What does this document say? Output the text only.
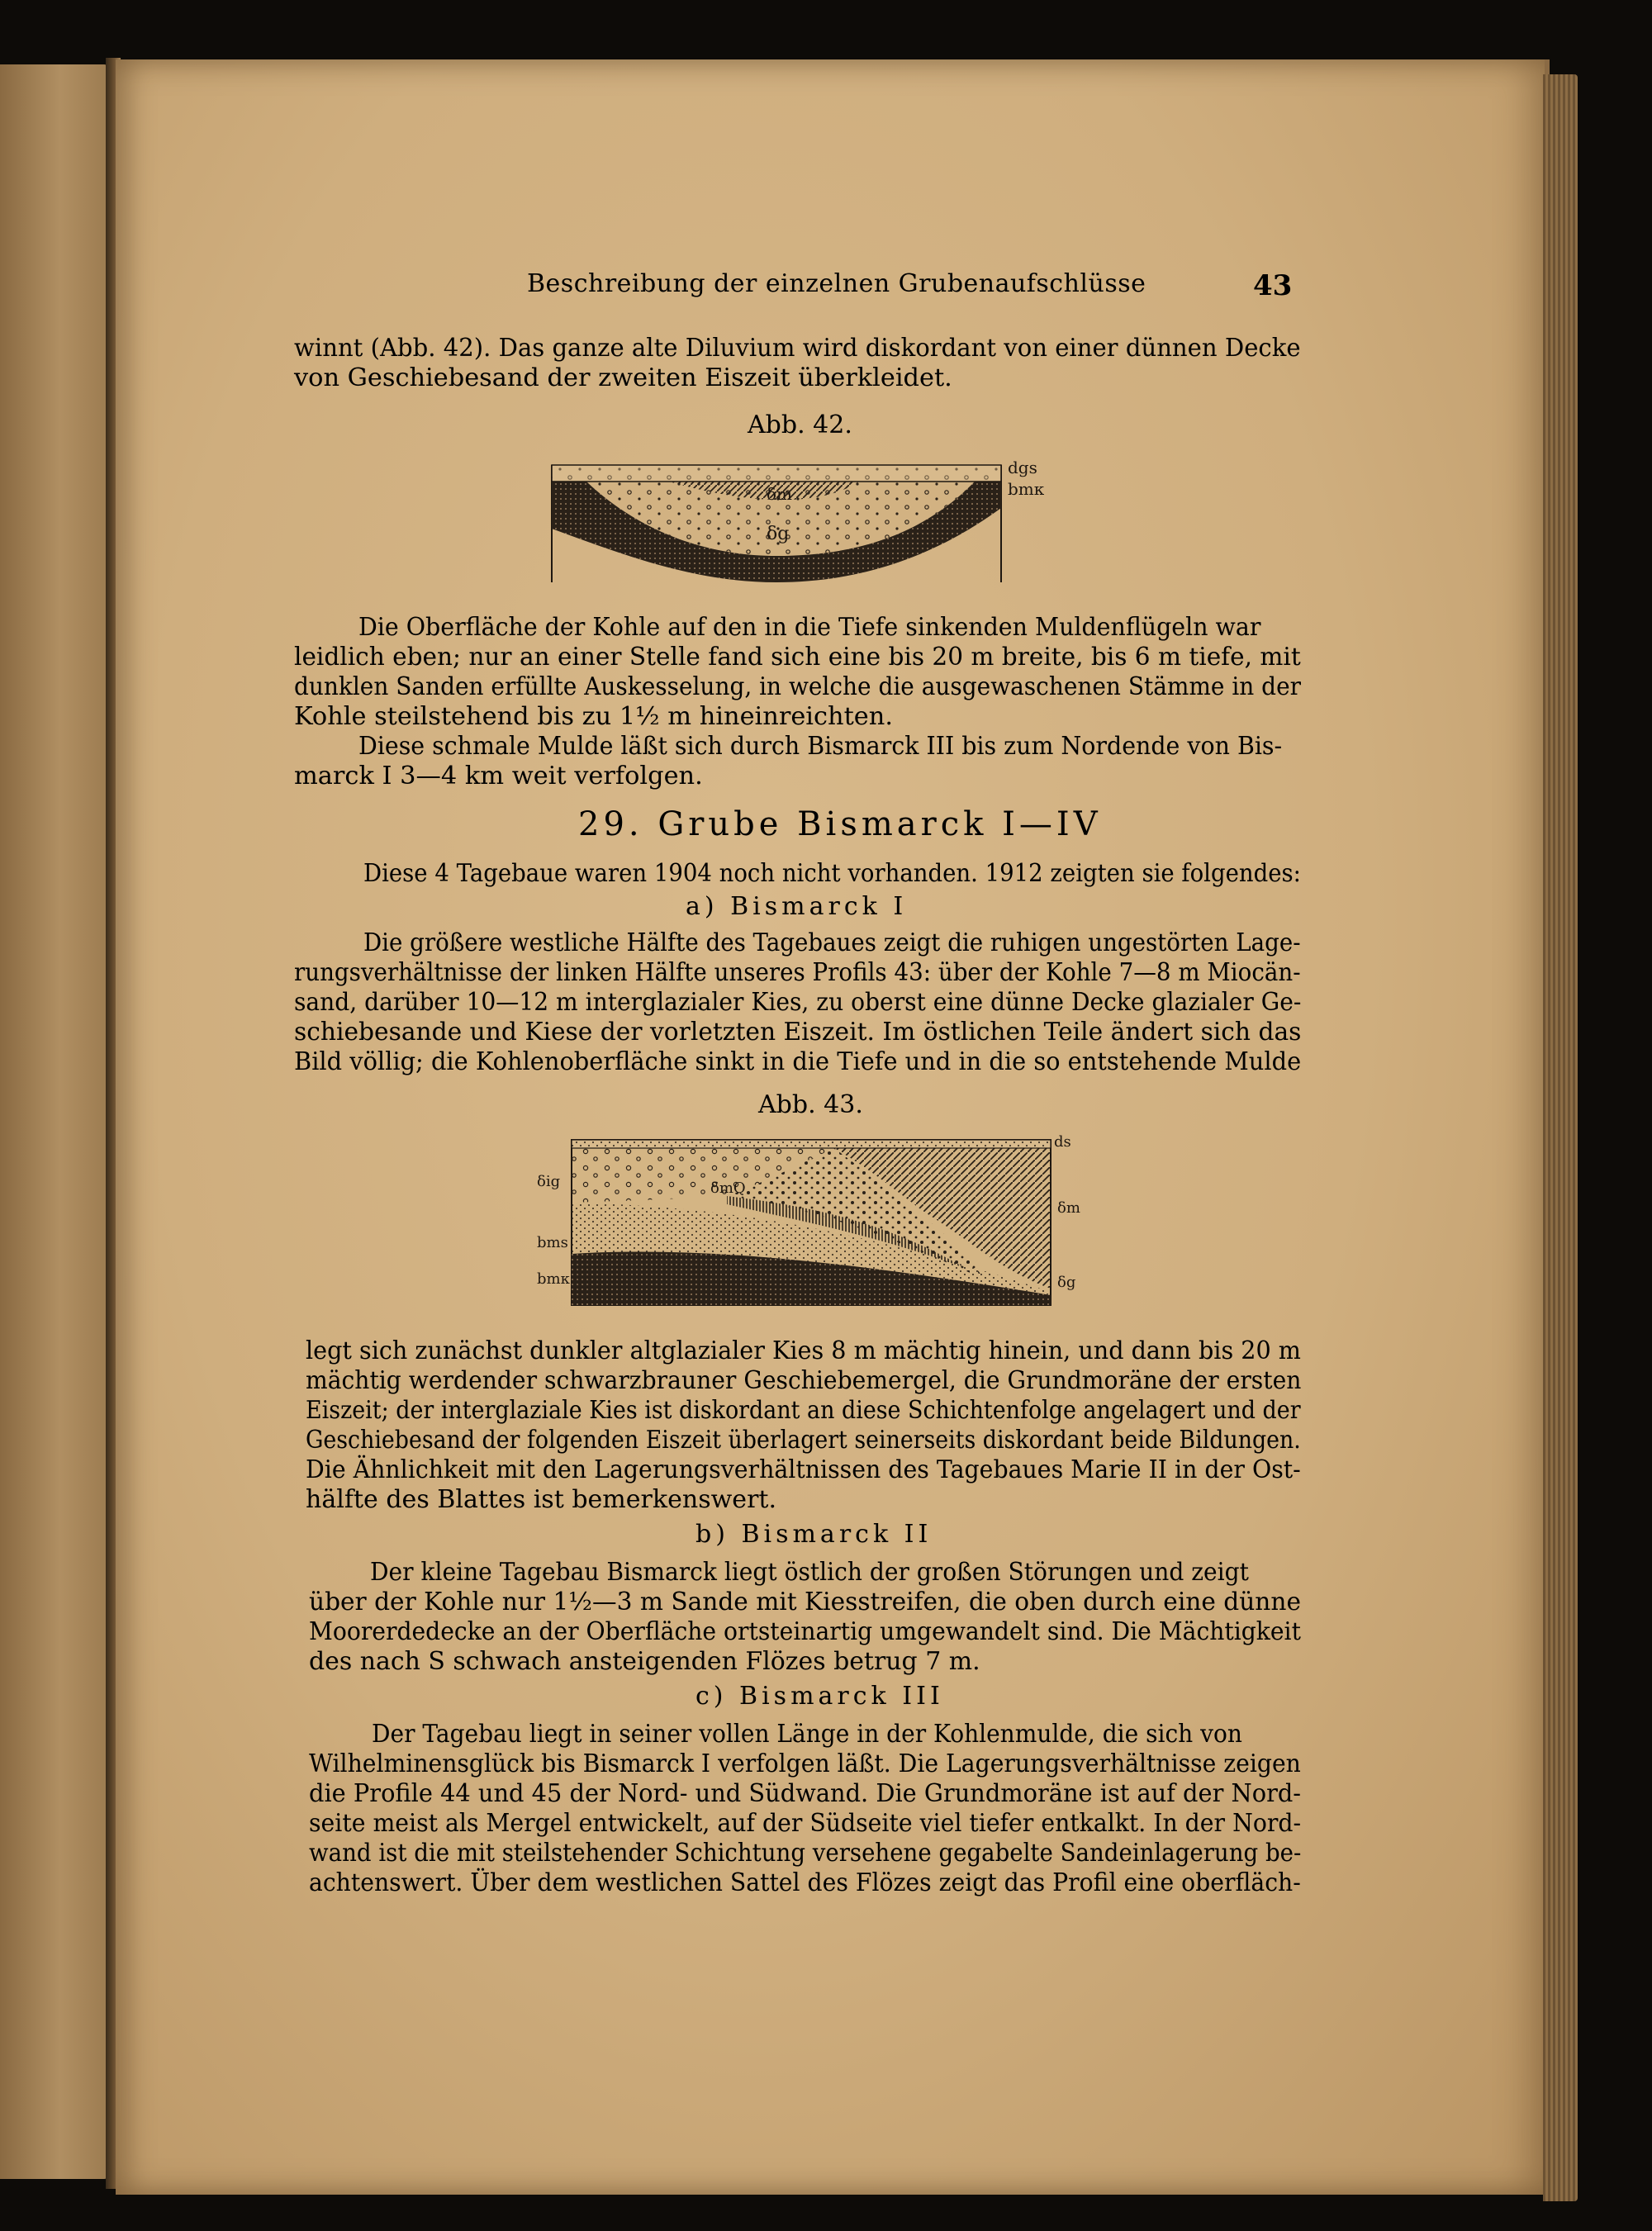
Beschreibung der einzelnen Grubenaufschlüsse	43
winnt (Abb. 42). Das ganze alte Diluvium wird diskordant von einer dünnen Decke
von Geschiebesand der zweiten Eiszeit überkleidet.
Abb. 42.
dgs
bmκ
δm
δg
Die Oberfläche der Kohle auf den in die Tiefe sinkenden Muldenflügeln war
leidlich eben; nur an einer Stelle fand sich eine bis 20 m breite, bis 6 m tiefe, mit
dunklen Sanden erfüllte Auskesselung, in welche die ausgewaschenen Stämme in der
Kohle steilstehend bis zu 1½ m hineinreichten.
Diese schmale Mulde läßt sich durch Bismarck III bis zum Nordende von Bis-
marck I 3—4 km weit verfolgen.
29. Grube Bismarck I—IV
Diese 4 Tagebaue waren 1904 noch nicht vorhanden. 1912 zeigten sie folgendes:
a) Bismarck I
Die größere westliche Hälfte des Tagebaues zeigt die ruhigen ungestörten Lage-
rungsverhältnisse der linken Hälfte unseres Profils 43: über der Kohle 7—8 m Miocän-
sand, darüber 10—12 m interglazialer Kies, zu oberst eine dünne Decke glazialer Ge-
schiebesande und Kiese der vorletzten Eiszeit. Im östlichen Teile ändert sich das
Bild völlig; die Kohlenoberfläche sinkt in die Tiefe und in die so entstehende Mulde
Abb. 43.
ds
δig	δmQ
δm
bms
bmκ	δg
legt sich zunächst dunkler altglazialer Kies 8 m mächtig hinein, und dann bis 20 m
mächtig werdender schwarzbrauner Geschiebemergel, die Grundmoräne der ersten
Eiszeit; der interglaziale Kies ist diskordant an diese Schichtenfolge angelagert und der
Geschiebesand der folgenden Eiszeit überlagert seinerseits diskordant beide Bildungen.
Die Ähnlichkeit mit den Lagerungsverhältnissen des Tagebaues Marie II in der Ost-
hälfte des Blattes ist bemerkenswert.
b) Bismarck II
Der kleine Tagebau Bismarck liegt östlich der großen Störungen und zeigt
über der Kohle nur 1½—3 m Sande mit Kiesstreifen, die oben durch eine dünne
Moorerdedecke an der Oberfläche ortsteinartig umgewandelt sind. Die Mächtigkeit
des nach S schwach ansteigenden Flözes betrug 7 m.
c) Bismarck III
Der Tagebau liegt in seiner vollen Länge in der Kohlenmulde, die sich von
Wilhelminensglück bis Bismarck I verfolgen läßt. Die Lagerungsverhältnisse zeigen
die Profile 44 und 45 der Nord- und Südwand. Die Grundmoräne ist auf der Nord-
seite meist als Mergel entwickelt, auf der Südseite viel tiefer entkalkt. In der Nord-
wand ist die mit steilstehender Schichtung versehene gegabelte Sandeinlagerung be-
achtenswert. Über dem westlichen Sattel des Flözes zeigt das Profil eine oberfläch-
